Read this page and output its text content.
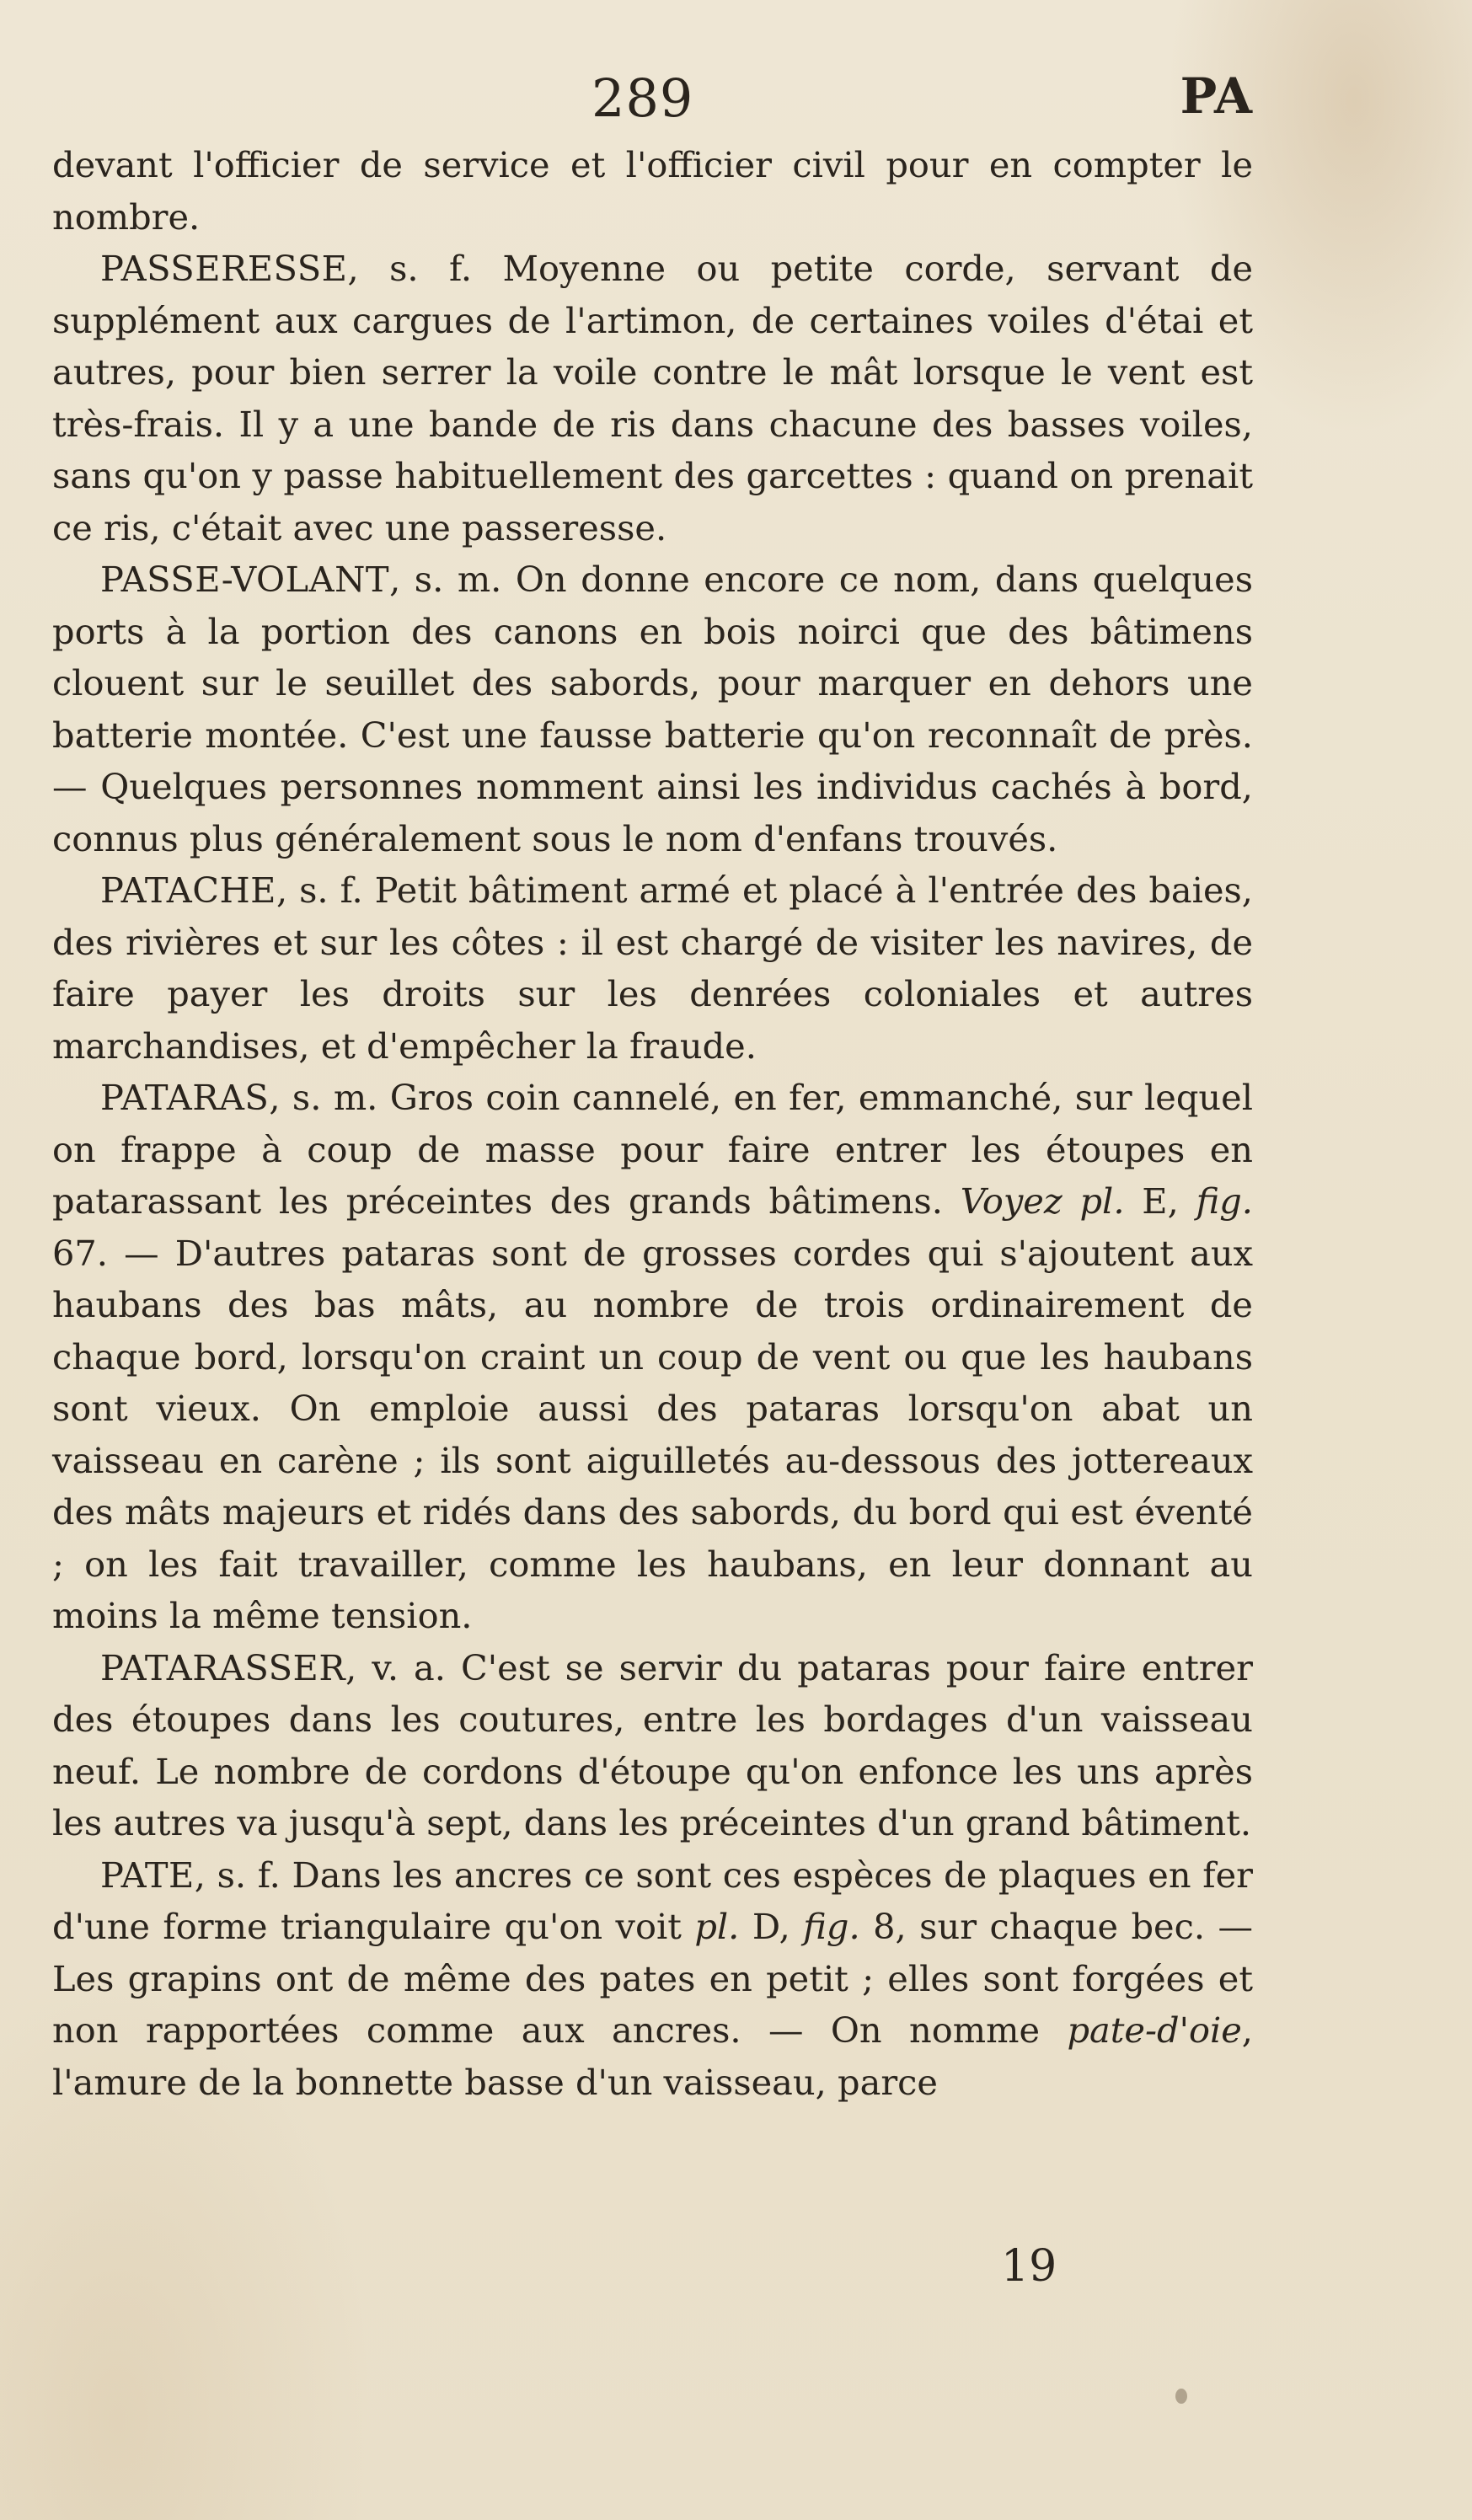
289	PA

devant l'officier de service et l'officier civil pour en compter le nombre.

PASSERESSE, s. f. Moyenne ou petite corde, servant de supplément aux cargues de l'artimon, de certaines voiles d'étai et autres, pour bien serrer la voile contre le mât lorsque le vent est très-frais. Il y a une bande de ris dans chacune des basses voiles, sans qu'on y passe habituellement des garcettes : quand on prenait ce ris, c'était avec une passeresse.

PASSE-VOLANT, s. m. On donne encore ce nom, dans quelques ports à la portion des canons en bois noirci que des bâtimens clouent sur le seuillet des sabords, pour marquer en dehors une batterie montée. C'est une fausse batterie qu'on reconnaît de près. — Quelques personnes nomment ainsi les individus cachés à bord, connus plus généralement sous le nom d'enfans trouvés.

PATACHE, s. f. Petit bâtiment armé et placé à l'entrée des baies, des rivières et sur les côtes : il est chargé de visiter les navires, de faire payer les droits sur les denrées coloniales et autres marchandises, et d'empêcher la fraude.

PATARAS, s. m. Gros coin cannelé, en fer, emmanché, sur lequel on frappe à coup de masse pour faire entrer les étoupes en patarassant les préceintes des grands bâtimens. Voyez pl. E, fig. 67. — D'autres pataras sont de grosses cordes qui s'ajoutent aux haubans des bas mâts, au nombre de trois ordinairement de chaque bord, lorsqu'on craint un coup de vent ou que les haubans sont vieux. On emploie aussi des pataras lorsqu'on abat un vaisseau en carène ; ils sont aiguilletés au-dessous des jottereaux des mâts majeurs et ridés dans des sabords, du bord qui est éventé ; on les fait travailler, comme les haubans, en leur donnant au moins la même tension.

PATARASSER, v. a. C'est se servir du pataras pour faire entrer des étoupes dans les coutures, entre les bordages d'un vaisseau neuf. Le nombre de cordons d'étoupe qu'on enfonce les uns après les autres va jusqu'à sept, dans les préceintes d'un grand bâtiment.

PATE, s. f. Dans les ancres ce sont ces espèces de plaques en fer d'une forme triangulaire qu'on voit pl. D, fig. 8, sur chaque bec. — Les grapins ont de même des pates en petit ; elles sont forgées et non rapportées comme aux ancres. — On nomme pate-d'oie, l'amure de la bonnette basse d'un vaisseau, parce

19
